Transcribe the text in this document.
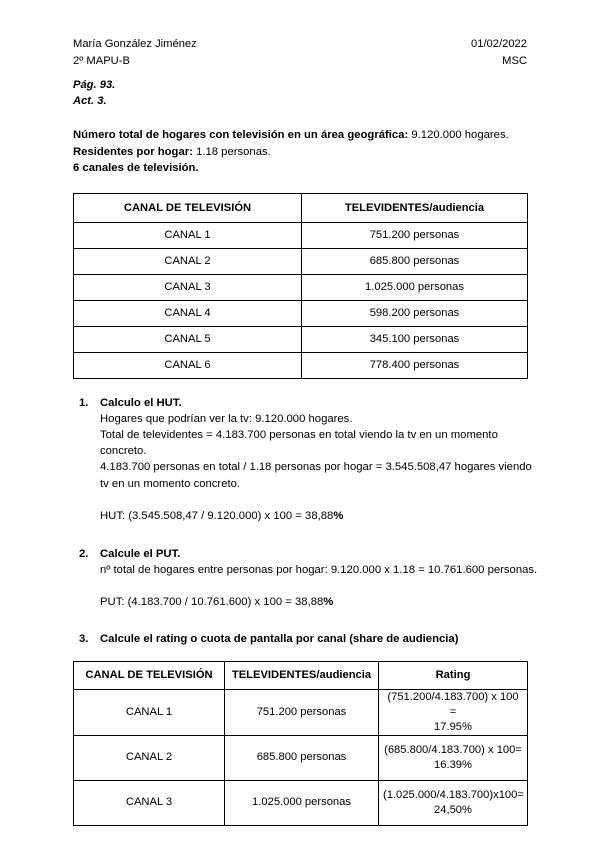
María González Jiménez
2º MAPU-B
01/02/2022
MSC
Pág. 93.
Act. 3.
Número total de hogares con televisión en un área geográfica: 9.120.000 hogares.
Residentes por hogar: 1.18 personas.
6 canales de televisión.
CANAL DE TELEVISIÓN	TELEVIDENTES/audiencia
CANAL 1	751.200 personas
CANAL 2	685.800 personas
CANAL 3	1.025.000 personas
CANAL 4	598.200 personas
CANAL 5	345.100 personas
CANAL 6	778.400 personas
1. Calculo el HUT.

Hogares que podrían ver la tv: 9.120.000 hogares.

Total de televidentes = 4.183.700 personas en total viendo la tv en un momento concreto.

4.183.700 personas en total / 1.18 personas por hogar = 3.545.508,47 hogares viendo tv en un momento concreto.

HUT: (3.545.508,47 / 9.120.000) x 100 = 38,88%

2. Calcule el PUT.

nº total de hogares entre personas por hogar: 9.120.000 x 1.18 = 10.761.600 personas.

PUT: (4.183.700 / 10.761.600) x 100 = 38,88%

3. Calcule el rating o cuota de pantalla por canal (share de audiencia)

CANAL DE TELEVISIÓN	TELEVIDENTES/audiencia	Rating
CANAL 1	751.200 personas	(751.200/4.183.700) x 100 =
17.95%
CANAL 2	685.800 personas	(685.800/4.183.700) x 100=
16.39%
CANAL 3	1.025.000 personas	(1.025.000/4.183.700)x100=
24,50%
